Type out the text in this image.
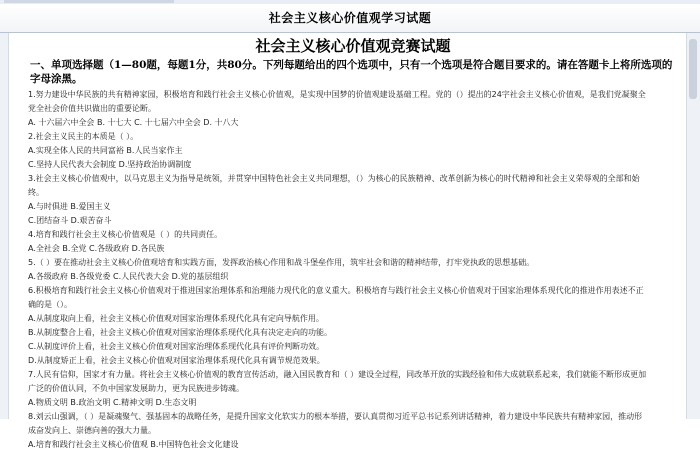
社会主义核心价值观学习试题
社会主义核心价值观竞赛试题
一、单项选择题（1—80题，每题1分，共80分。下列每题给出的四个选项中，只有一个选项是符合题目要求的。请在答题卡上将所选项的字母涂黑。

1.努力建设中华民族的共有精神家园，积极培育和践行社会主义核心价值观，是实现中国梦的价值观建设基础工程。党的（）提出的24字社会主义核心价值观，是我们党凝聚全

党全社会价值共识做出的重要论断。

A. 十六届六中全会 B. 十七大 C. 十七届六中全会 D. 十八大

2.社会主义民主的本质是（ ）。

A.实现全体人民的共同富裕 B.人民当家作主

C.坚持人民代表大会制度 D.坚持政治协调制度

3.社会主义核心价值观中，以马克思主义为指导是统领，并贯穿中国特色社会主义共同理想，（）为核心的民族精神、改革创新为核心的时代精神和社会主义荣辱观的全部和始

终。

A.与时俱进 B.爱国主义

C.团结奋斗 D.艰苦奋斗

4.培育和践行社会主义核心价值观是（ ）的共同责任。

A.全社会 B.全党 C.各级政府 D.各民族

5.（ ）要在推动社会主义核心价值观培育和实践方面，发挥政治核心作用和战斗堡垒作用，筑牢社会和谐的精神结带，打牢党执政的思想基础。

A.各级政府 B.各级党委 C.人民代表大会 D.党的基层组织

6.积极培育和践行社会主义核心价值观对于推进国家治理体系和治理能力现代化的意义重大。积极培育与践行社会主义核心价值观对于国家治理体系现代化的推进作用表述不正

确的是（）。

A.从制度取向上看，社会主义核心价值观对国家治理体系现代化具有定向导航作用。

B.从制度整合上看，社会主义核心价值观对国家治理体系现代化具有决定走向的功能。

C.从制度评价上看，社会主义核心价值观对国家治理体系现代化具有评价判断功效。

D.从制度矫正上看，社会主义核心价值观对国家治理体系现代化具有调节规范效果。

7.人民有信仰，国家才有力量。将社会主义核心价值观的教育宣传活动，融入国民教育和（ ）建设全过程，同改革开放的实践经验和伟大成就联系起来，我们就能不断形成更加

广泛的价值认同，不负中国家发展助力，更为民族进步铸魂。

A.物质文明 B.政治文明 C.精神文明 D.生态文明

8.刘云山强调，（ ）是凝魂聚气、强基固本的战略任务，是提升国家文化软实力的根本举措，要认真贯彻习近平总书记系列讲话精神，着力建设中华民族共有精神家园，推动形

成奋发向上、崇德向善的强大力量。

A.培育和践行社会主义核心价值观 B.中国特色社会文化建设
